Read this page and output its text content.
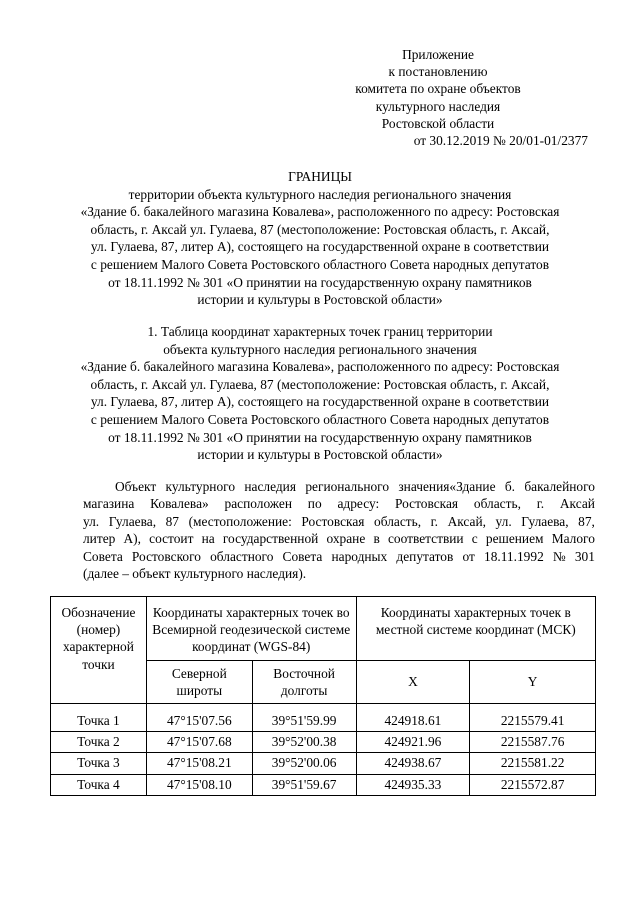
Приложение
к постановлению
комитета по охране объектов
культурного наследия
Ростовской области
от 30.12.2019 № 20/01-01/2377
ГРАНИЦЫ
территории объекта культурного наследия регионального значения
«Здание б. бакалейного магазина Ковалева», расположенного по адресу: Ростовская
область, г. Аксай ул. Гулаева, 87 (местоположение: Ростовская область, г. Аксай,
ул. Гулаева, 87, литер А), состоящего на государственной охране в соответствии
с решением Малого Совета Ростовского областного Совета народных депутатов
от 18.11.1992 № 301 «О принятии на государственную охрану памятников
истории и культуры в Ростовской области»
1. Таблица координат характерных точек границ территории
объекта культурного наследия регионального значения
«Здание б. бакалейного магазина Ковалева», расположенного по адресу: Ростовская
область, г. Аксай ул. Гулаева, 87 (местоположение: Ростовская область, г. Аксай,
ул. Гулаева, 87, литер А), состоящего на государственной охране в соответствии
с решением Малого Совета Ростовского областного Совета народных депутатов
от 18.11.1992 № 301 «О принятии на государственную охрану памятников
истории и культуры в Ростовской области»
Объект культурного наследия регионального значения«Здание б. бакалейного
магазина Ковалева» расположен по адресу: Ростовская область, г. Аксай
ул. Гулаева, 87 (местоположение: Ростовская область, г. Аксай, ул. Гулаева, 87,
литер А), состоит на государственной охране в соответствии с решением Малого
Совета Ростовского областного Совета народных депутатов от 18.11.1992 № 301
(далее – объект культурного наследия).
Обозначение (номер) характерной точки	Координаты характерных точек во Всемирной геодезической системе координат (WGS-84)		Координаты характерных точек в местной системе координат (МСК)	
	Северной широты	Восточной долготы	X	Y
Точка 1	47°15'07.56	39°51'59.99	424918.61	2215579.41
Точка 2	47°15'07.68	39°52'00.38	424921.96	2215587.76
Точка 3	47°15'08.21	39°52'00.06	424938.67	2215581.22
Точка 4	47°15'08.10	39°51'59.67	424935.33	2215572.87
